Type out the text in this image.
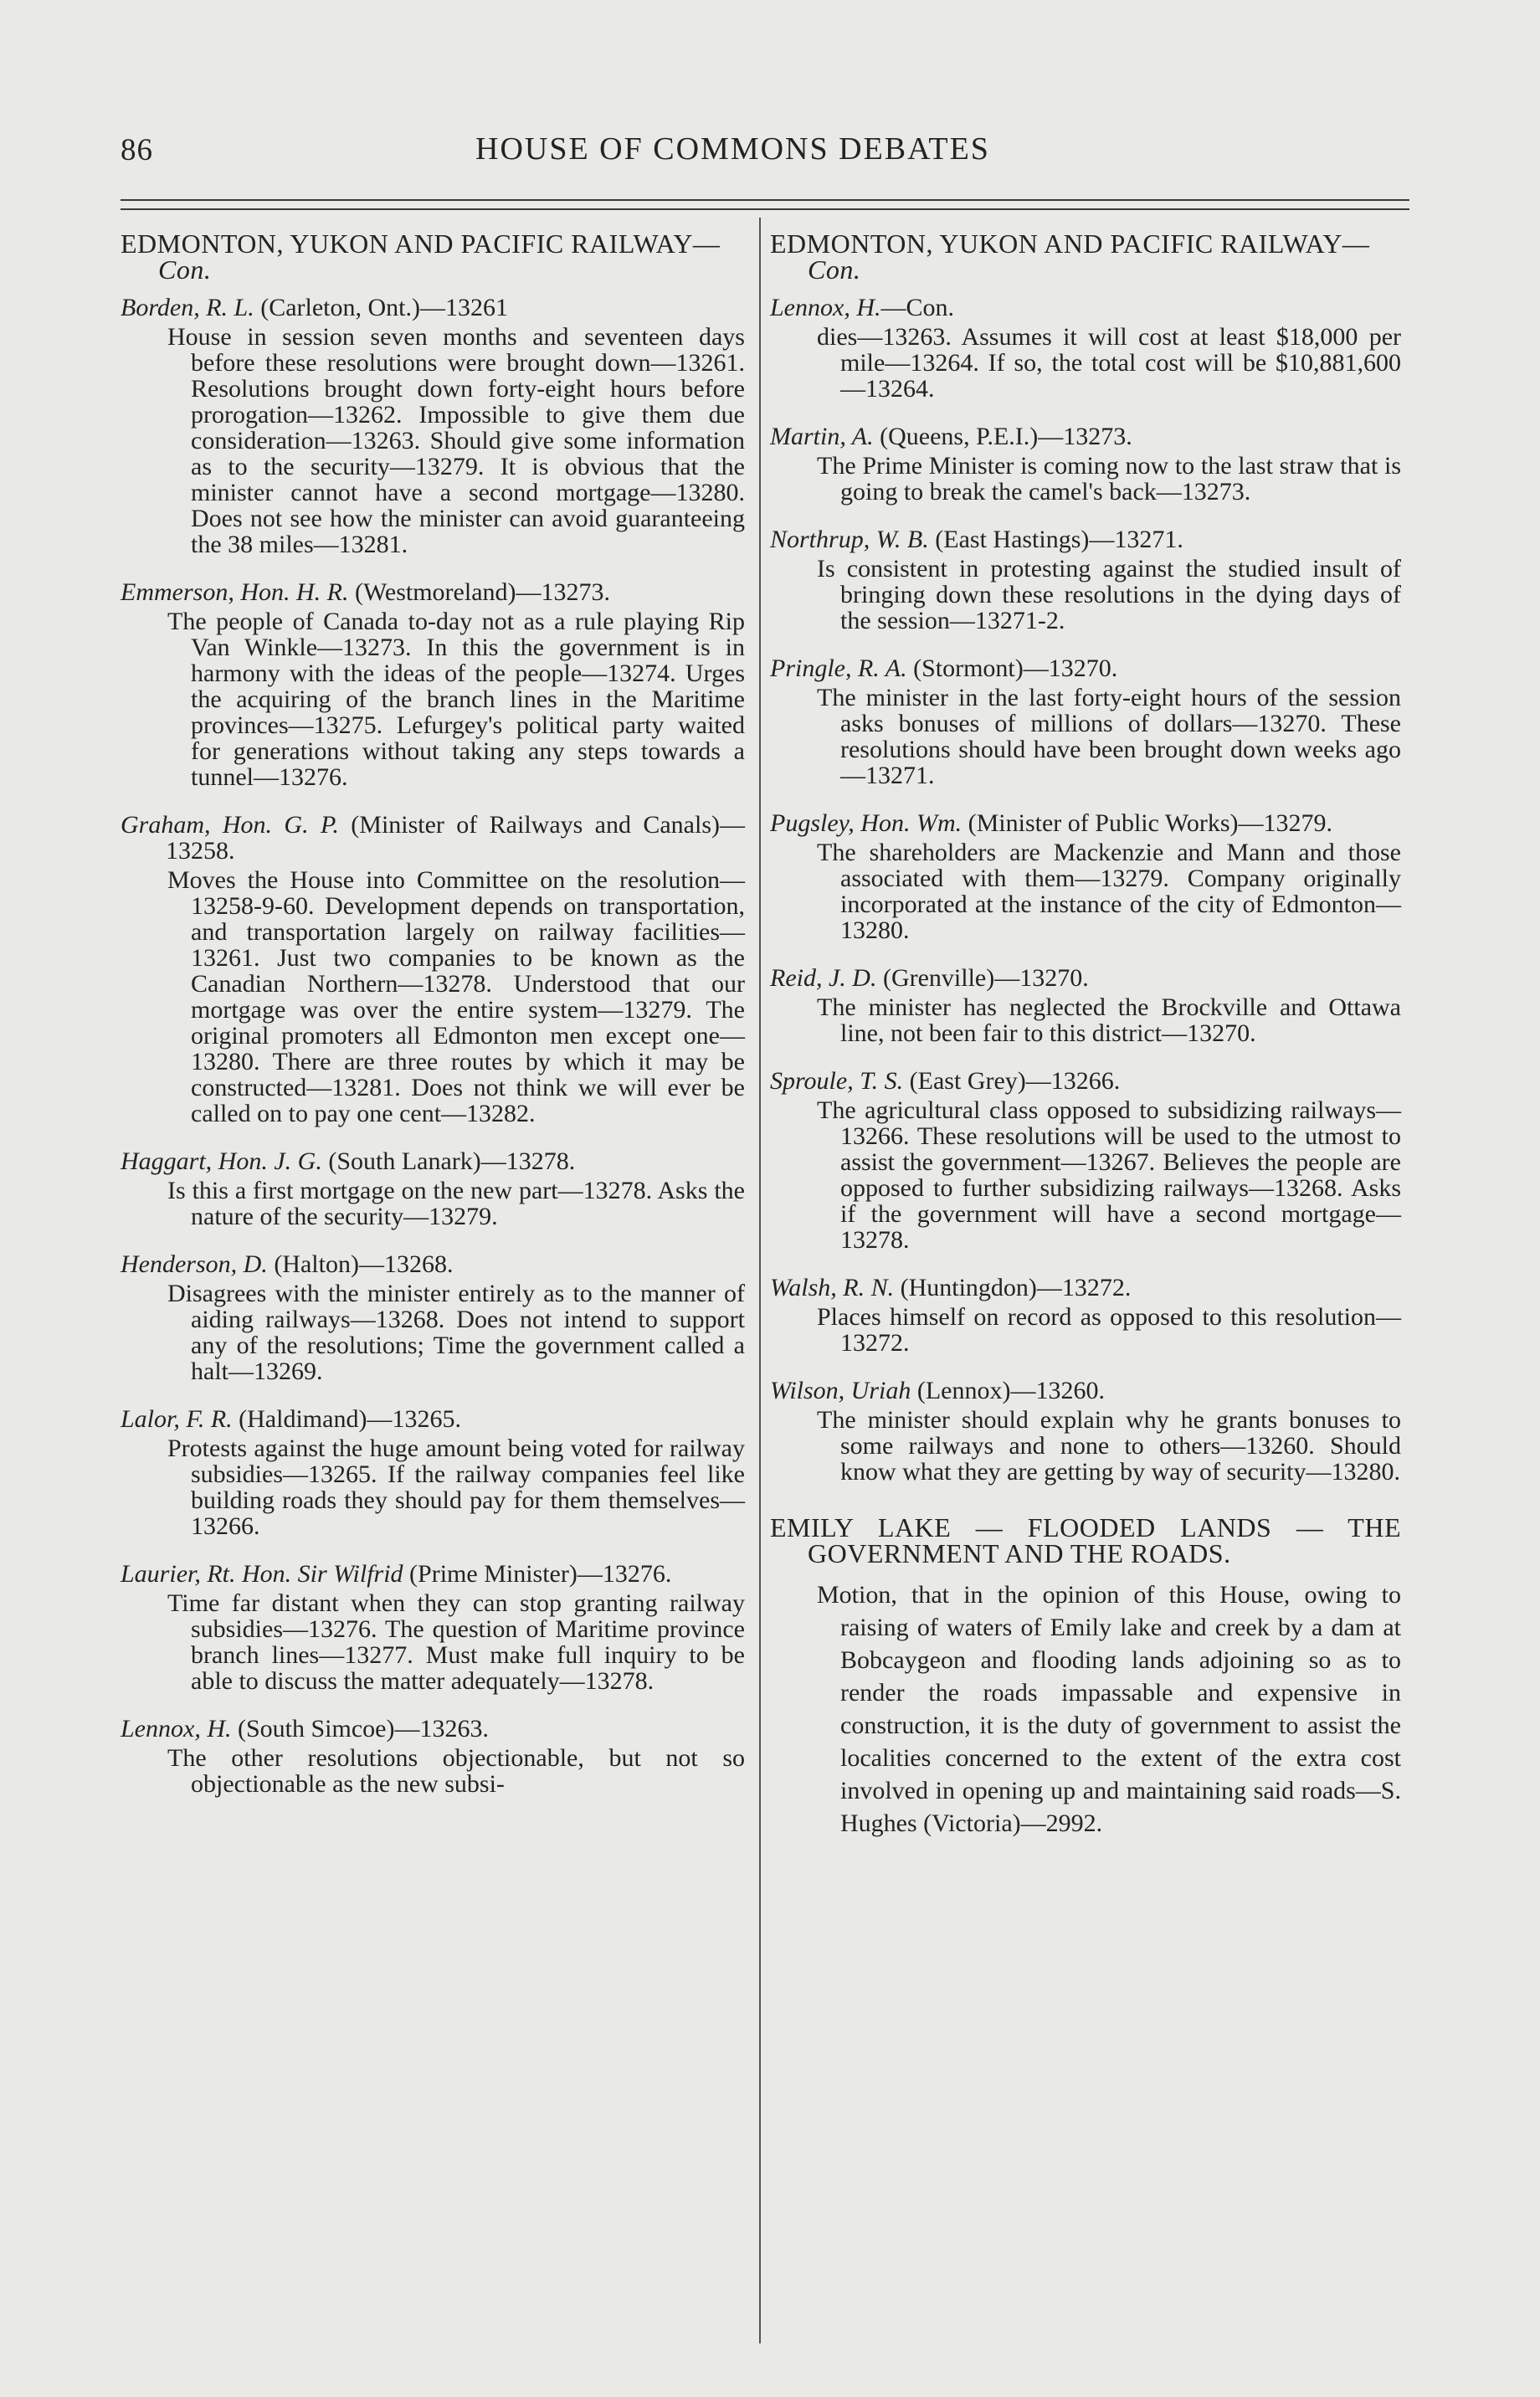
86	HOUSE OF COMMONS DEBATES
EDMONTON, YUKON AND PACIFIC RAILWAY—Con.
Borden, R. L. (Carleton, Ont.)—13261
House in session seven months and seventeen days before these resolutions were brought down—13261. Resolutions brought down forty-eight hours before prorogation—13262. Impossible to give them due consideration—13263. Should give some information as to the security—13279. It is obvious that the minister cannot have a second mortgage—13280. Does not see how the minister can avoid guaranteeing the 38 miles—13281.
Emmerson, Hon. H. R. (Westmoreland)—13273.
The people of Canada to-day not as a rule playing Rip Van Winkle—13273. In this the government is in harmony with the ideas of the people—13274. Urges the acquiring of the branch lines in the Maritime provinces—13275. Lefurgey's political party waited for generations without taking any steps towards a tunnel—13276.
Graham, Hon. G. P. (Minister of Railways and Canals)—13258.
Moves the House into Committee on the resolution—13258-9-60. Development depends on transportation, and transportation largely on railway facilities—13261. Just two companies to be known as the Canadian Northern—13278. Understood that our mortgage was over the entire system—13279. The original promoters all Edmonton men except one—13280. There are three routes by which it may be constructed—13281. Does not think we will ever be called on to pay one cent—13282.
Haggart, Hon. J. G. (South Lanark)—13278.
Is this a first mortgage on the new part—13278. Asks the nature of the security—13279.
Henderson, D. (Halton)—13268.
Disagrees with the minister entirely as to the manner of aiding railways—13268. Does not intend to support any of the resolutions; Time the government called a halt—13269.
Lalor, F. R. (Haldimand)—13265.
Protests against the huge amount being voted for railway subsidies—13265. If the railway companies feel like building roads they should pay for them themselves—13266.
Laurier, Rt. Hon. Sir Wilfrid (Prime Minister)—13276.
Time far distant when they can stop granting railway subsidies—13276. The question of Maritime province branch lines—13277. Must make full inquiry to be able to discuss the matter adequately—13278.
Lennox, H. (South Simcoe)—13263.
The other resolutions objectionable, but not so objectionable as the new subsi-
EDMONTON, YUKON AND PACIFIC RAILWAY—Con.
Lennox, H.—Con.
dies—13263. Assumes it will cost at least $18,000 per mile—13264. If so, the total cost will be $10,881,600—13264.
Martin, A. (Queens, P.E.I.)—13273.
The Prime Minister is coming now to the last straw that is going to break the camel's back—13273.
Northrup, W. B. (East Hastings)—13271.
Is consistent in protesting against the studied insult of bringing down these resolutions in the dying days of the session—13271-2.
Pringle, R. A. (Stormont)—13270.
The minister in the last forty-eight hours of the session asks bonuses of millions of dollars—13270. These resolutions should have been brought down weeks ago—13271.
Pugsley, Hon. Wm. (Minister of Public Works)—13279.
The shareholders are Mackenzie and Mann and those associated with them—13279. Company originally incorporated at the instance of the city of Edmonton—13280.
Reid, J. D. (Grenville)—13270.
The minister has neglected the Brockville and Ottawa line, not been fair to this district—13270.
Sproule, T. S. (East Grey)—13266.
The agricultural class opposed to subsidizing railways—13266. These resolutions will be used to the utmost to assist the government—13267. Believes the people are opposed to further subsidizing railways—13268. Asks if the government will have a second mortgage—13278.
Walsh, R. N. (Huntingdon)—13272.
Places himself on record as opposed to this resolution—13272.
Wilson, Uriah (Lennox)—13260.
The minister should explain why he grants bonuses to some railways and none to others—13260. Should know what they are getting by way of security—13280.
EMILY LAKE — FLOODED LANDS — THE GOVERNMENT AND THE ROADS.
Motion, that in the opinion of this House, owing to raising of waters of Emily lake and creek by a dam at Bobcaygeon and flooding lands adjoining so as to render the roads impassable and expensive in construction, it is the duty of government to assist the localities concerned to the extent of the extra cost involved in opening up and maintaining said roads—S. Hughes (Victoria)—2992.
